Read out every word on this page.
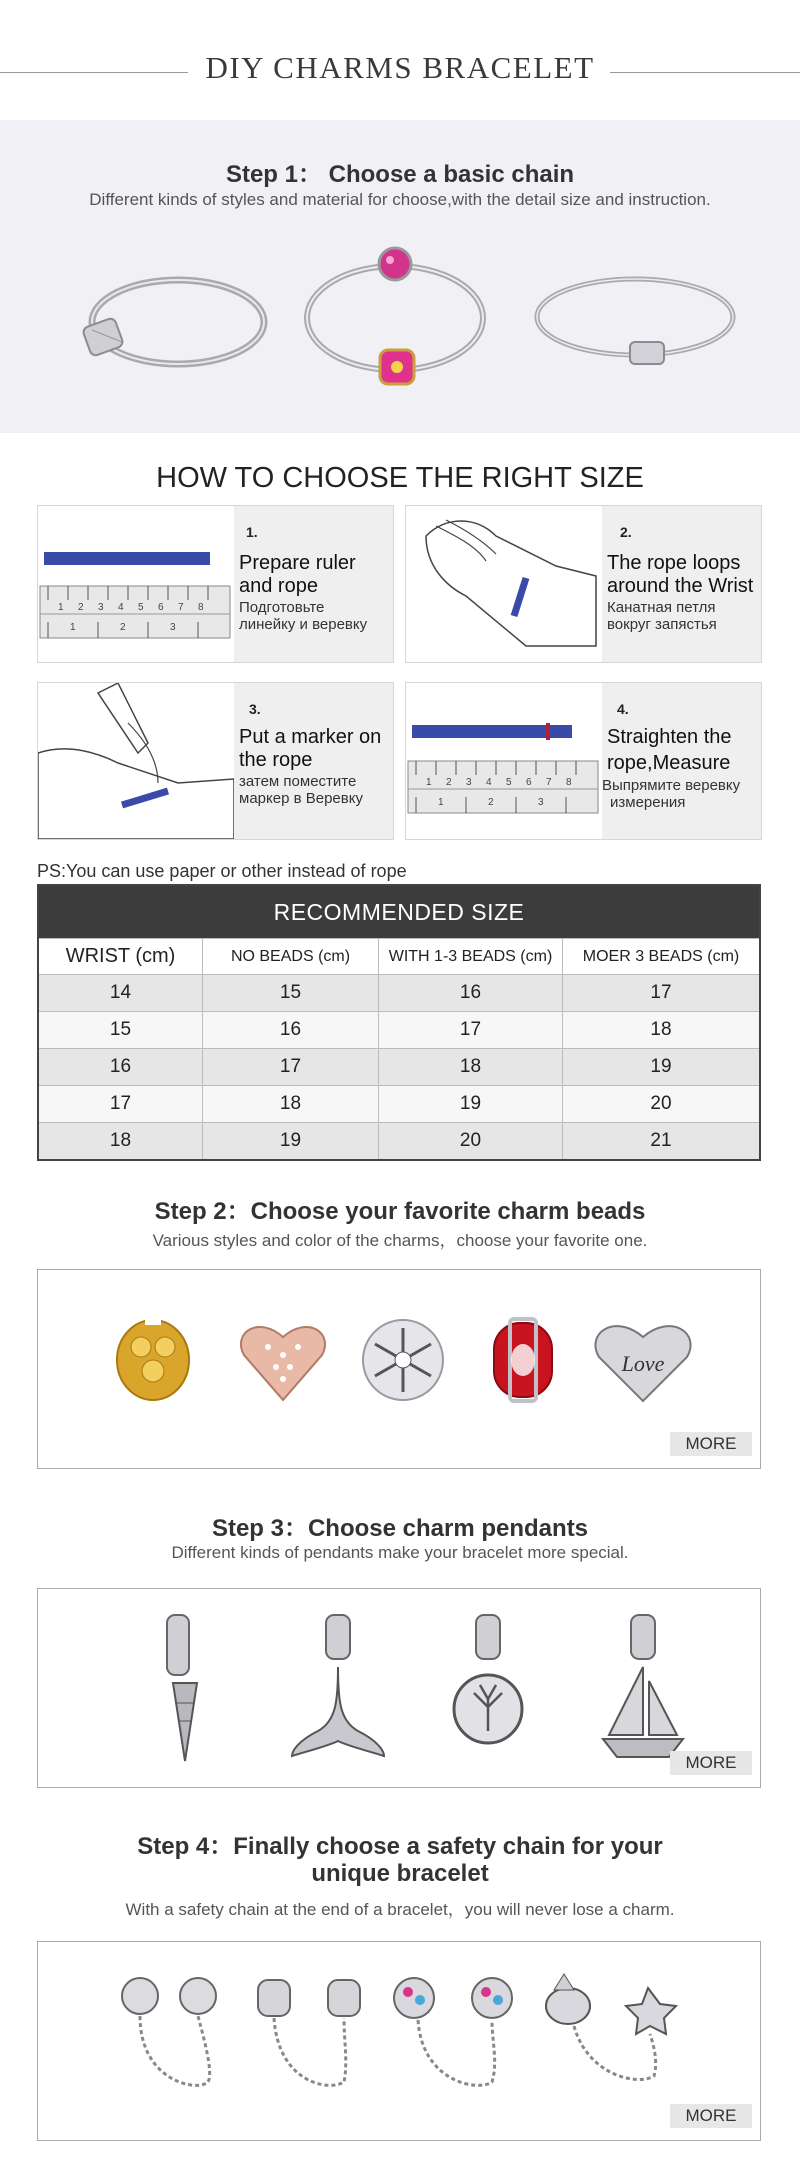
DIY CHARMS BRACELET
Step 1： Choose a basic chain
Different kinds of styles and material for choose,with the detail size and instruction.
HOW TO CHOOSE THE RIGHT SIZE
1 2 3 4 5 6 7 8
1	2	3
1.
Prepare ruler
and rope
Подготовьте
линейку и веревку
2.
The rope loops
around the Wrist
Канатная петля
вокруг запястья
3.
Put a marker on
the rope
затем поместите
маркер в Веревку
1 2 3 4 5 6 7 8
1	2	3
4.
Straighten the
rope,Measure
Выпрямите веревку
измерения
PS:You can use paper or other instead of rope
RECOMMENDED SIZE
WRIST (cm)	NO BEADS (cm)	WITH 1-3 BEADS (cm)	MOER 3 BEADS (cm)
14	15	16	17
15	16	17	18
16	17	18	19
17	18	19	20
18	19	20	21
Step 2：Choose your favorite charm beads
Various styles and color of the charms，choose your favorite one.
Love
MORE
Step 3：Choose charm pendants
Different kinds of pendants make your bracelet more special.
MORE
Step 4：Finally choose a safety chain for your
unique bracelet
With a safety chain at the end of a bracelet，you will never lose a charm.
MORE
